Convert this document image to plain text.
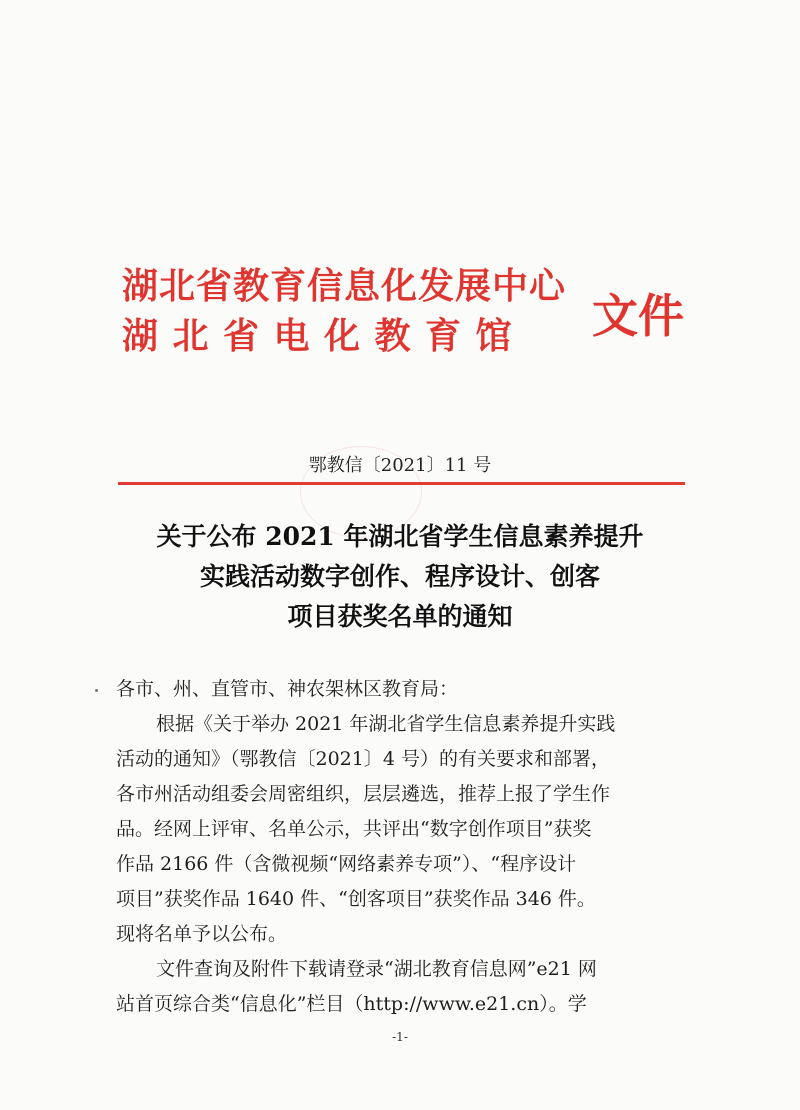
湖北省教育信息化发展中心
湖北省电化教育馆 文件
鄂教信〔2021〕11 号
关于公布 2021 年湖北省学生信息素养提升
实践活动数字创作、程序设计、创客
项目获奖名单的通知
各市、州、直管市、神农架林区教育局：
根据《关于举办 2021 年湖北省学生信息素养提升实践
活动的通知》（鄂教信〔2021〕4 号）的有关要求和部署，
各市州活动组委会周密组织，层层遴选，推荐上报了学生作
品。经网上评审、名单公示，共评出“数字创作项目”获奖
作品 2166 件（含微视频“网络素养专项”）、“程序设计
项目”获奖作品 1640 件、“创客项目”获奖作品 346 件。
现将名单予以公布。
文件查询及附件下载请登录“湖北教育信息网”e21 网
站首页综合类“信息化”栏目（http://www.e21.cn）。学
-1-
